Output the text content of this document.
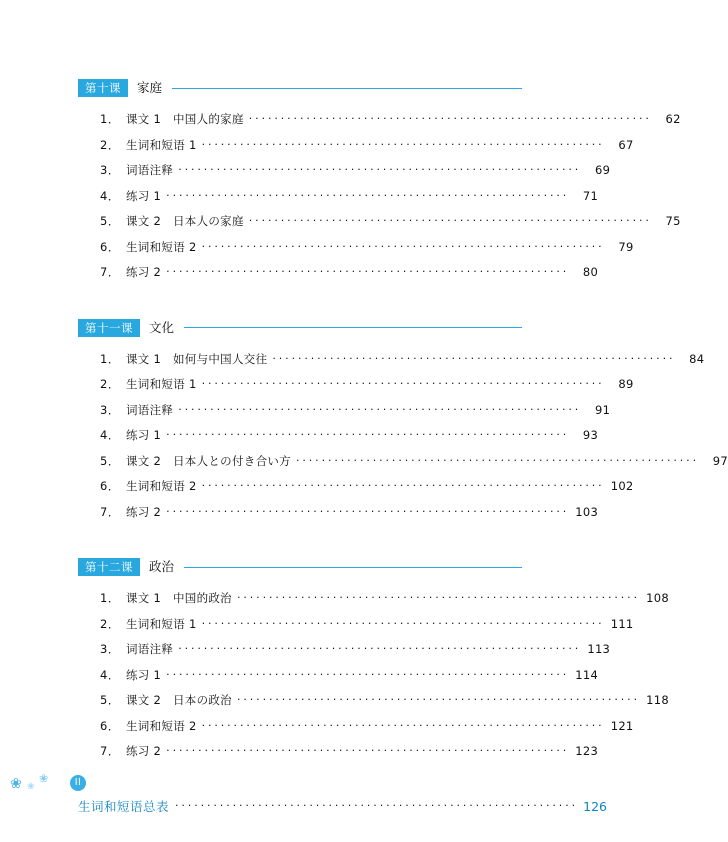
第十课	家庭
1． 课文 1　中国人的家庭 ·······························································	62
2． 生词和短语 1 ·······························································	67
3． 词语注释 ·······························································	69
4． 练习 1 ·······························································	71
5． 课文 2　日本人の家庭 ·······························································	75
6． 生词和短语 2 ·······························································	79
7． 练习 2 ·······························································	80
第十一课	文化
1． 课文 1　如何与中国人交往 ·······························································	84
2． 生词和短语 1 ·······························································	89
3． 词语注释 ·······························································	91
4． 练习 1 ·······························································	93
5． 课文 2　日本人との付き合い方 ·······························································	97
6． 生词和短语 2 ······························································· 102
7． 练习 2 ······························································· 103
第十二课	政治
1． 课文 1　中国的政治 ······························································· 108
2． 生词和短语 1 ······························································· 111
3． 词语注释 ······························································· 113
4． 练习 1 ······························································· 114
5． 课文 2　日本の政治 ······························································· 118
6． 生词和短语 2 ······························································· 121
7． 练习 2 ······························································· 123
生词和短语总表 ······························································· 126
❀ ❀
❀	II
